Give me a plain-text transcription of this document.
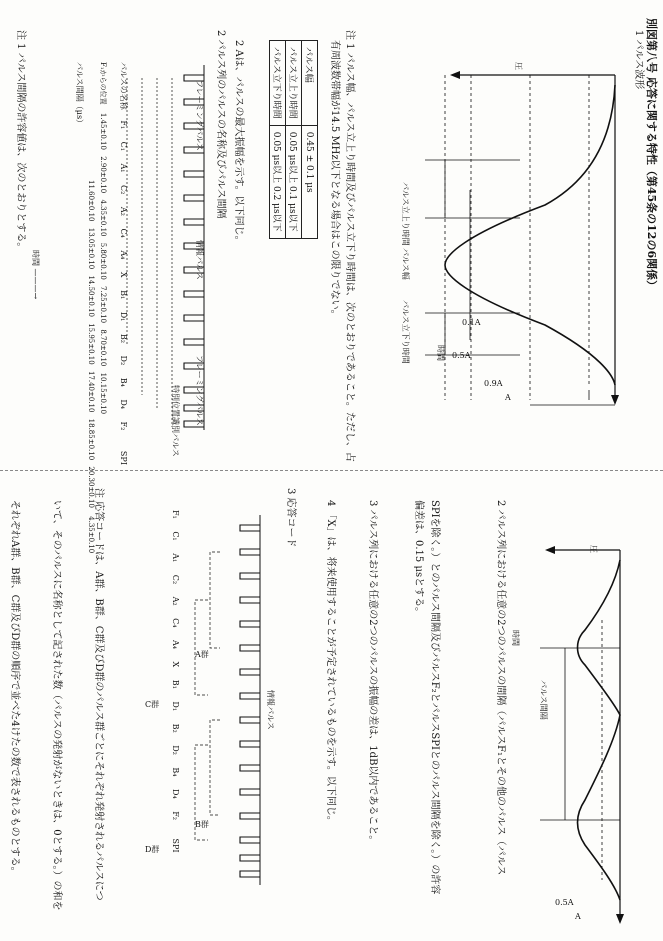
別図第八号 応答に関する特性（第45条の12の6関係）
1 パルス波形
圧
パルス立上り時間
パルス幅
パルス立下り時間	時間
0.1A
0.5A
0.9A
A
注 1 パルス幅、パルス立上り時間及びパルス立下り時間は、次のとおりであること。ただし、占
有周波数帯幅が14.5 MHz以下となる場合はこの限りでない。
パルス幅	0.45 ± 0.1 μs
パルス立上り時間	0.05 μs以上 0.1 μs以下
パルス立下り時間	0.05 μs以上 0.2 μs以下
2 Aは、パルスの最大振幅を示す。以下同じ。
2 パルス列のパルスの名称及びパルス間隔
フレーミングパルス
情報パルス
フレーミングパルス
特別位置識別パルス
パルスの名称 F₁ C₁ A₁ C₂ A₂ C₄ A₄ X B₁ D₁ B₂ D₂ B₄ D₄ F₂ SPI
F₁からの位置 1.45±0.10 2.90±0.10 4.35±0.10 5.80±0.10 7.25±0.10 8.70±0.10 10.15±0.10
11.60±0.10 13.05±0.10 14.50±0.10 15.95±0.10 17.40±0.10 18.85±0.10 20.30±0.10 4.35±0.10
パルス間隔（μs）
時間 ———→
注 1 パルス間隔の許容値は、次のとおりとする。
圧
パルス間隔
時間
0.5A
A
2 パルス列における任意の2つのパルスの間隔（パルスF₁とその他のパルス（パルス
SPIを除く。）とのパルス間隔及びパルスF₂とパルスSPIとのパルス間隔を除く。）の許容
偏差は、0.15 μsとする。
3 パルス列における任意の2つのパルスの振幅の差は、1dB以内であること。
4 「X」は、将来使用することが予定されているものを示す。以下同じ。
3 応答コード
情報パルス
A群
C群
B群
D群
F₁ C₁ A₁ C₂ A₂ C₄ A₄ X B₁ D₁ B₂ D₂ B₄ D₄ F₂ SPI
注 応答コードは、A群、B群、C群及びD群のパルス群ごとにそれぞれ発射されるパルスにつ
いて、そのパルスに名称として記された数（パルスの発射がないときは、0とする。）の和を
それぞれA群、B群、C群及びD群の順序で並べた4けたの数で表されるものとする。
